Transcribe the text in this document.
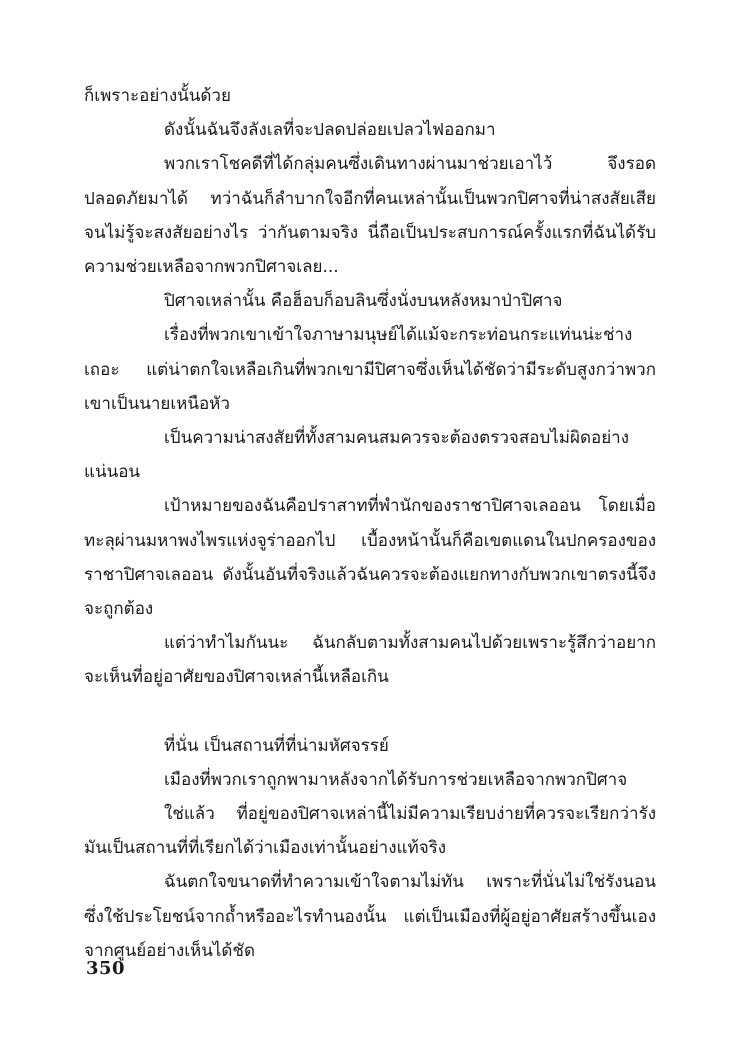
ก็เพราะอย่างนั้นด้วย

ดังนั้นฉันจึงลังเลที่จะปลดปล่อยเปลวไฟออกมา

พวกเราโชคดีที่ได้กลุ่มคนซึ่งเดินทางผ่านมาช่วยเอาไว้ จึงรอดปลอดภัยมาได้ ทว่าฉันก็ลำบากใจอีกที่คนเหล่านั้นเป็นพวกปิศาจที่น่าสงสัยเสียจนไม่รู้จะสงสัยอย่างไร ว่ากันตามจริง นี่ถือเป็นประสบการณ์ครั้งแรกที่ฉันได้รับความช่วยเหลือจากพวกปิศาจเลย...

ปิศาจเหล่านั้น คือฮ็อบก็อบลินซึ่งนั่งบนหลังหมาป่าปิศาจ

เรื่องที่พวกเขาเข้าใจภาษามนุษย์ได้แม้จะกระท่อนกระแท่นน่ะช่างเถอะ แต่น่าตกใจเหลือเกินที่พวกเขามีปิศาจซึ่งเห็นได้ชัดว่ามีระดับสูงกว่าพวกเขาเป็นนายเหนือหัว

เป็นความน่าสงสัยที่ทั้งสามคนสมควรจะต้องตรวจสอบไม่ผิดอย่างแน่นอน

เป้าหมายของฉันคือปราสาทที่พำนักของราชาปิศาจเลออน โดยเมื่อทะลุผ่านมหาพงไพรแห่งจูร่าออกไป เบื้องหน้านั้นก็คือเขตแดนในปกครองของราชาปิศาจเลออน ดังนั้นอันที่จริงแล้วฉันควรจะต้องแยกทางกับพวกเขาตรงนี้จึงจะถูกต้อง

แต่ว่าทำไมกันนะ ฉันกลับตามทั้งสามคนไปด้วยเพราะรู้สึกว่าอยากจะเห็นที่อยู่อาศัยของปิศาจเหล่านี้เหลือเกิน

ที่นั่น เป็นสถานที่ที่น่ามหัศจรรย์

เมืองที่พวกเราถูกพามาหลังจากได้รับการช่วยเหลือจากพวกปิศาจ

ใช่แล้ว ที่อยู่ของปิศาจเหล่านี้ไม่มีความเรียบง่ายที่ควรจะเรียกว่ารัง มันเป็นสถานที่ที่เรียกได้ว่าเมืองเท่านั้นอย่างแท้จริง

ฉันตกใจขนาดที่ทำความเข้าใจตามไม่ทัน เพราะที่นั่นไม่ใช่รังนอนซึ่งใช้ประโยชน์จากถ้ำหรืออะไรทำนองนั้น แต่เป็นเมืองที่ผู้อยู่อาศัยสร้างขึ้นเองจากศูนย์อย่างเห็นได้ชัด

350
